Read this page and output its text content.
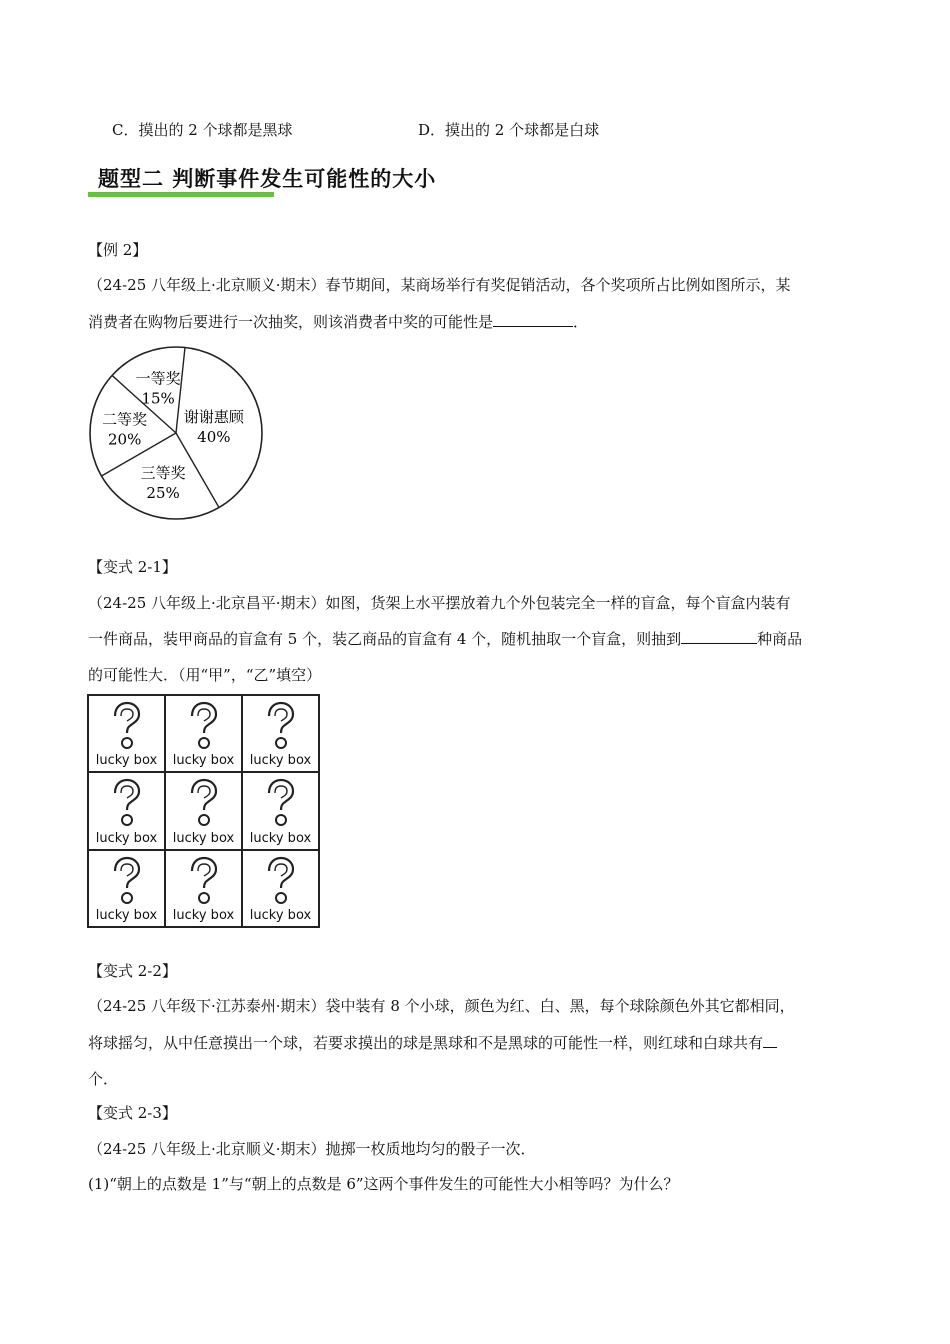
C．摸出的 2 个球都是黑球	D．摸出的 2 个球都是白球
题型二 判断事件发生可能性的大小
【例 2】
（24-25 八年级上·北京顺义·期末）春节期间，某商场举行有奖促销活动，各个奖项所占比例如图所示，某
消费者在购物后要进行一次抽奖，则该消费者中奖的可能性是	．
谢谢惠顾
40%
三等奖
25%
二等奖
20%
一等奖
15%
【变式 2-1】
（24-25 八年级上·北京昌平·期末）如图，货架上水平摆放着九个外包装完全一样的盲盒，每个盲盒内装有
一件商品，装甲商品的盲盒有 5 个，装乙商品的盲盒有 4 个，随机抽取一个盲盒，则抽到	种商品
的可能性大．（用“甲”，“乙”填空）
lucky box lucky box lucky box
lucky box lucky box lucky box
lucky box lucky box lucky box
【变式 2-2】
（24-25 八年级下·江苏泰州·期末）袋中装有 8 个小球，颜色为红、白、黑，每个球除颜色外其它都相同，
将球摇匀，从中任意摸出一个球，若要求摸出的球是黑球和不是黑球的可能性一样，则红球和白球共有
个．
【变式 2-3】
（24-25 八年级上·北京顺义·期末）抛掷一枚质地均匀的骰子一次．
(1)“朝上的点数是 1”与“朝上的点数是 6”这两个事件发生的可能性大小相等吗？为什么？
